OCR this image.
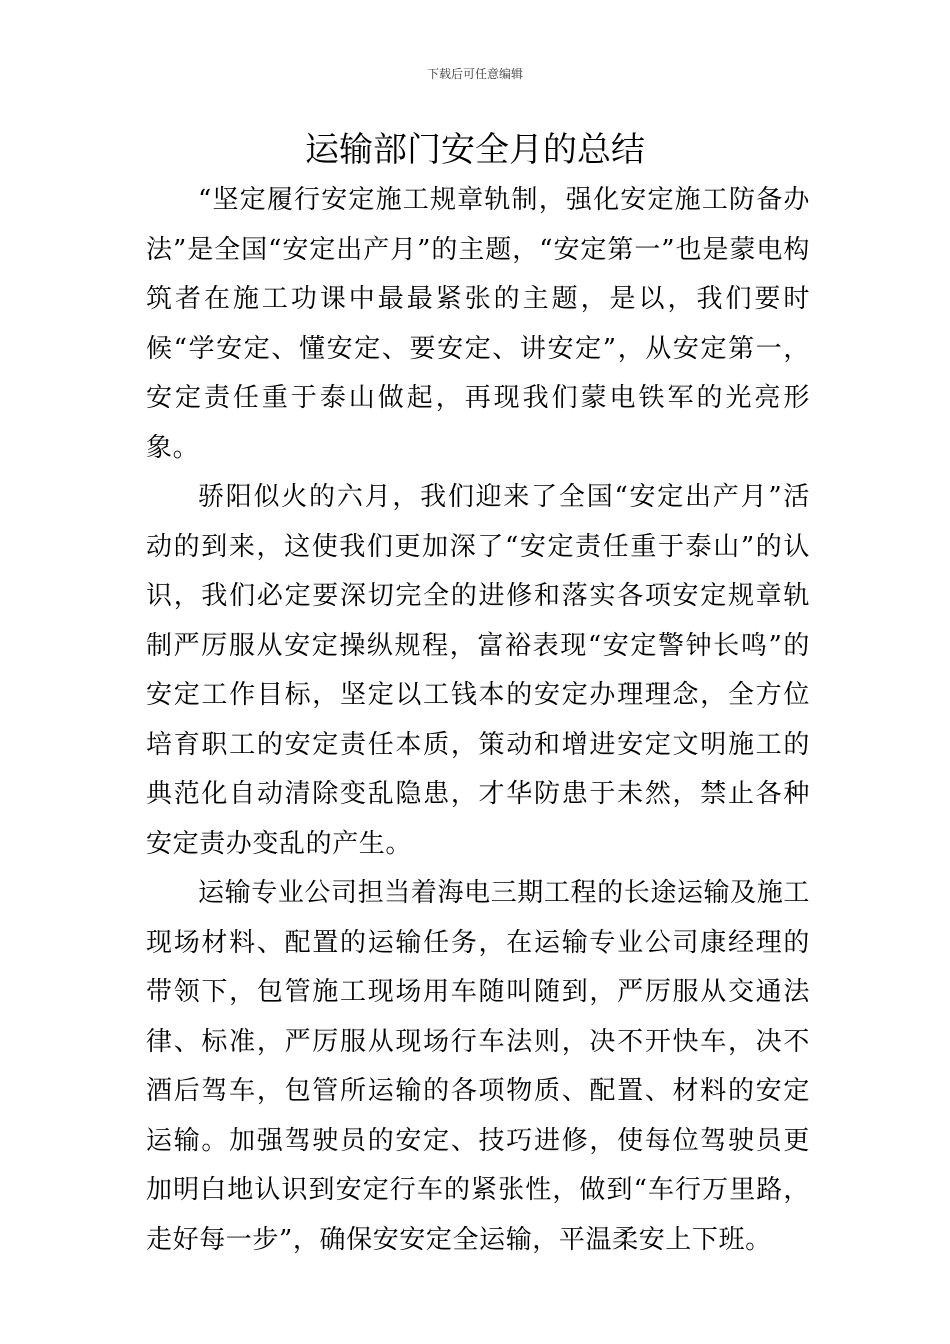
下载后可任意编辑
运输部门安全月的总结

“坚定履行安定施工规章轨制，强化安定施工防备办法”是全国“安定出产月”的主题，“安定第一”也是蒙电构筑者在施工功课中最最紧张的主题，是以，我们要时候“学安定、懂安定、要安定、讲安定”，从安定第一，安定责任重于泰山做起，再现我们蒙电铁军的光亮形象。

骄阳似火的六月，我们迎来了全国“安定出产月”活动的到来，这使我们更加深了“安定责任重于泰山”的认识，我们必定要深切完全的进修和落实各项安定规章轨制严厉服从安定操纵规程，富裕表现“安定警钟长鸣”的安定工作目标，坚定以工钱本的安定办理理念，全方位培育职工的安定责任本质，策动和增进安定文明施工的典范化自动清除变乱隐患，才华防患于未然，禁止各种安定责办变乱的产生。

运输专业公司担当着海电三期工程的长途运输及施工现场材料、配置的运输任务，在运输专业公司康经理的带领下，包管施工现场用车随叫随到，严厉服从交通法律、标准，严厉服从现场行车法则，决不开快车，决不酒后驾车，包管所运输的各项物质、配置、材料的安定运输。加强驾驶员的安定、技巧进修，使每位驾驶员更加明白地认识到安定行车的紧张性，做到“车行万里路，走好每一步”，确保安安定全运输，平温柔安上下班。
